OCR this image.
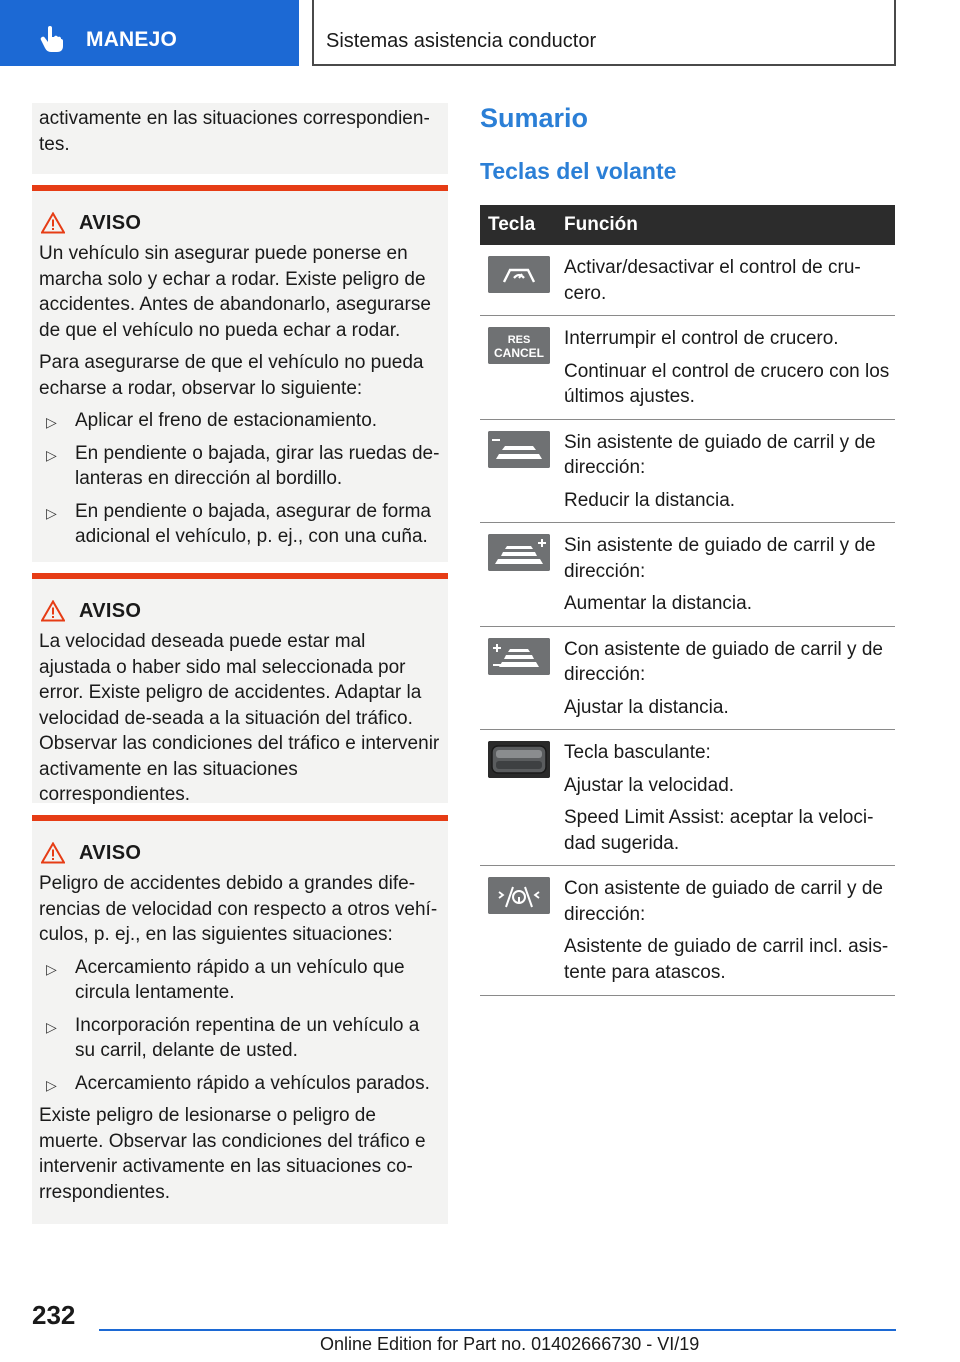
MANEJO	Sistemas asistencia conductor

activamente en las situaciones correspondien-tes.

AVISO

Un vehículo sin asegurar puede ponerse en marcha solo y echar a rodar. Existe peligro de accidentes. Antes de abandonarlo, asegurarse de que el vehículo no pueda echar a rodar.

Para asegurarse de que el vehículo no pueda echarse a rodar, observar lo siguiente:

▷ Aplicar el freno de estacionamiento.
▷ En pendiente o bajada, girar las ruedas de-lanteras en dirección al bordillo.
▷ En pendiente o bajada, asegurar de forma adicional el vehículo, p. ej., con una cuña.
AVISO

La velocidad deseada puede estar mal ajustada o haber sido mal seleccionada por error. Existe peligro de accidentes. Adaptar la velocidad de-seada a la situación del tráfico. Observar las condiciones del tráfico e intervenir activamente en las situaciones correspondientes.

AVISO

Peligro de accidentes debido a grandes dife-rencias de velocidad con respecto a otros vehí-culos, p. ej., en las siguientes situaciones:

▷ Acercamiento rápido a un vehículo que circula lentamente.
▷ Incorporación repentina de un vehículo a su carril, delante de usted.
▷ Acercamiento rápido a vehículos parados.

Existe peligro de lesionarse o peligro de muerte. Observar las condiciones del tráfico e intervenir activamente en las situaciones co-rrespondientes.

Sumario
Teclas del volante
Tecla	Función

Activar/desactivar el control de cru-cero.

RES
CANCEL

Interrumpir el control de crucero.

Continuar el control de crucero con los últimos ajustes.

Sin asistente de guiado de carril y de dirección:

Reducir la distancia.

Sin asistente de guiado de carril y de dirección:

Aumentar la distancia.

Con asistente de guiado de carril y de dirección:

Ajustar la distancia.

Tecla basculante:

Ajustar la velocidad.

Speed Limit Assist: aceptar la veloci-dad sugerida.

Con asistente de guiado de carril y de dirección:

Asistente de guiado de carril incl. asis-tente para atascos.

232
Online Edition for Part no. 01402666730 - VI/19
